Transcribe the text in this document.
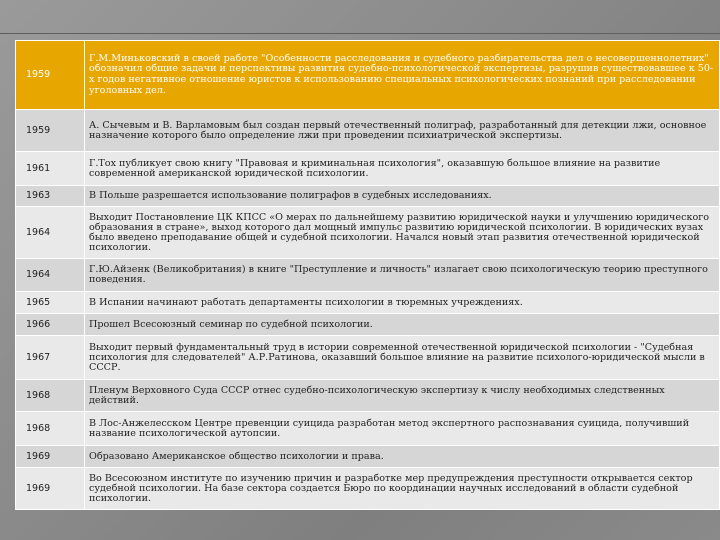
1959	Г.М.Миньковский в своей работе "Особенности расследования и судебного разбирательства дел о несовершеннолетних" обозначил общие задачи и перспективы развития судебно-психологической экспертизы, разрушив существовавшее к 50-х годов негативное отношение юристов к использованию специальных психологических познаний при расследовании уголовных дел.
1959	А. Сычевым и В. Варламовым был создан первый отечественный полиграф, разработанный для детекции лжи, основное назначение которого было определение лжи при проведении психиатрической экспертизы.
1961	Г.Тох публикует свою книгу "Правовая и криминальная психология", оказавшую большое влияние на развитие современной американской юридической психологии.
1963	В Польше разрешается использование полиграфов в судебных исследованиях.
1964	Выходит Постановление ЦК КПСС «О мерах по дальнейшему развитию юридической науки и улучшению юридического образования в стране», выход которого дал мощный импульс развитию юридической психологии. В юридических вузах было введено преподавание общей и судебной психологии. Начался новый этап развития отечественной юридической психологии.
1964	Г.Ю.Айзенк (Великобритания) в книге "Преступление и личность" излагает свою психологическую теорию преступного поведения.
1965	В Испании начинают работать департаменты психологии в тюремных учреждениях.
1966	Прошел Всесоюзный семинар по судебной психологии.
1967	Выходит первый фундаментальный труд в истории современной отечественной юридической психологии - "Судебная психология для следователей" А.Р.Ратинова, оказавший большое влияние на развитие психолого-юридической мысли в СССР.
1968	Пленум Верховного Суда СССР отнес судебно-психологическую экспертизу к числу необходимых следственных действий.
1968	В Лос-Анжелесском Центре превенции суицида разработан метод экспертного распознавания суицида, получивший название психологической аутопсии.
1969	Образовано Американское общество психологии и права.
1969	Во Всесоюзном институте по изучению причин и разработке мер предупреждения преступности открывается сектор судебной психологии. На базе сектора создается Бюро по координации научных исследований в области судебной психологии.
